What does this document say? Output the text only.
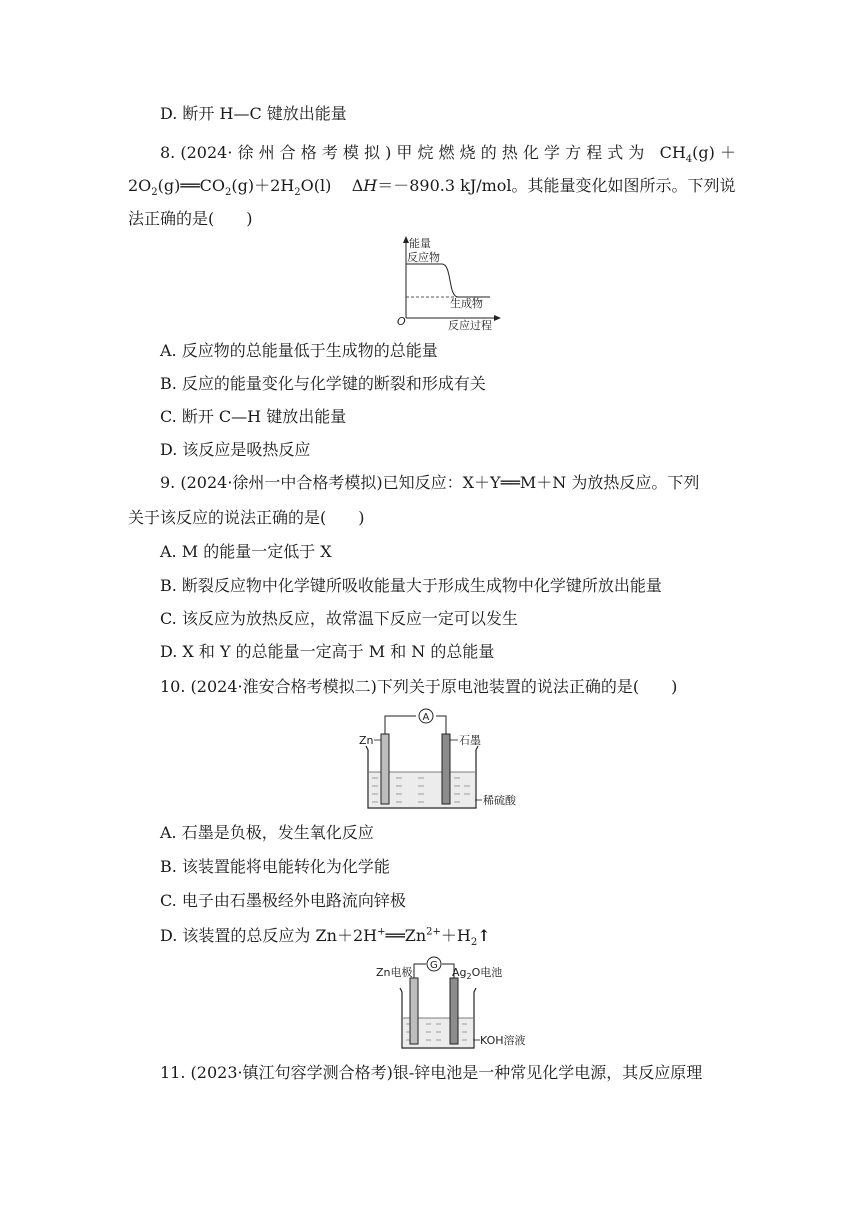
D. 断开 H—C 键放出能量
8. (2024· 徐 州 合 格 考 模 拟 ) 甲 烷 燃 烧 的 热 化 学 方 程 式 为 $CH_4(g)$ ＋
$2O_2(g)══CO_2(g)+2H_2O(l)$    ΔH＝－890.3 kJ/mol。其能量变化如图所示。下列说
法正确的是(　　)
能量
反应物
生成物
O	反应过程
A. 反应物的总能量低于生成物的总能量
B. 反应的能量变化与化学键的断裂和形成有关
C. 断开 C—H 键放出能量
D. 该反应是吸热反应
9. (2024·徐州一中合格考模拟)已知反应：X＋Y══M＋N 为放热反应。下列
关于该反应的说法正确的是(　　)
A. M 的能量一定低于 X
B. 断裂反应物中化学键所吸收能量大于形成生成物中化学键所放出能量
C. 该反应为放热反应，故常温下反应一定可以发生
D. X 和 Y 的总能量一定高于 M 和 N 的总能量
10. (2024·淮安合格考模拟二)下列关于原电池装置的说法正确的是(　　)
A
Zn	石墨
稀硫酸
A. 石墨是负极，发生氧化反应
B. 该装置能将电能转化为化学能
C. 电子由石墨极经外电路流向锌极
D. 该装置的总反应为 $Zn+2H^+══Zn^{2+}+H_2↑$
G
Zn电极	$Ag_2O$电池
KOH溶液
11. (2023·镇江句容学测合格考)银-锌电池是一种常见化学电源，其反应原理
